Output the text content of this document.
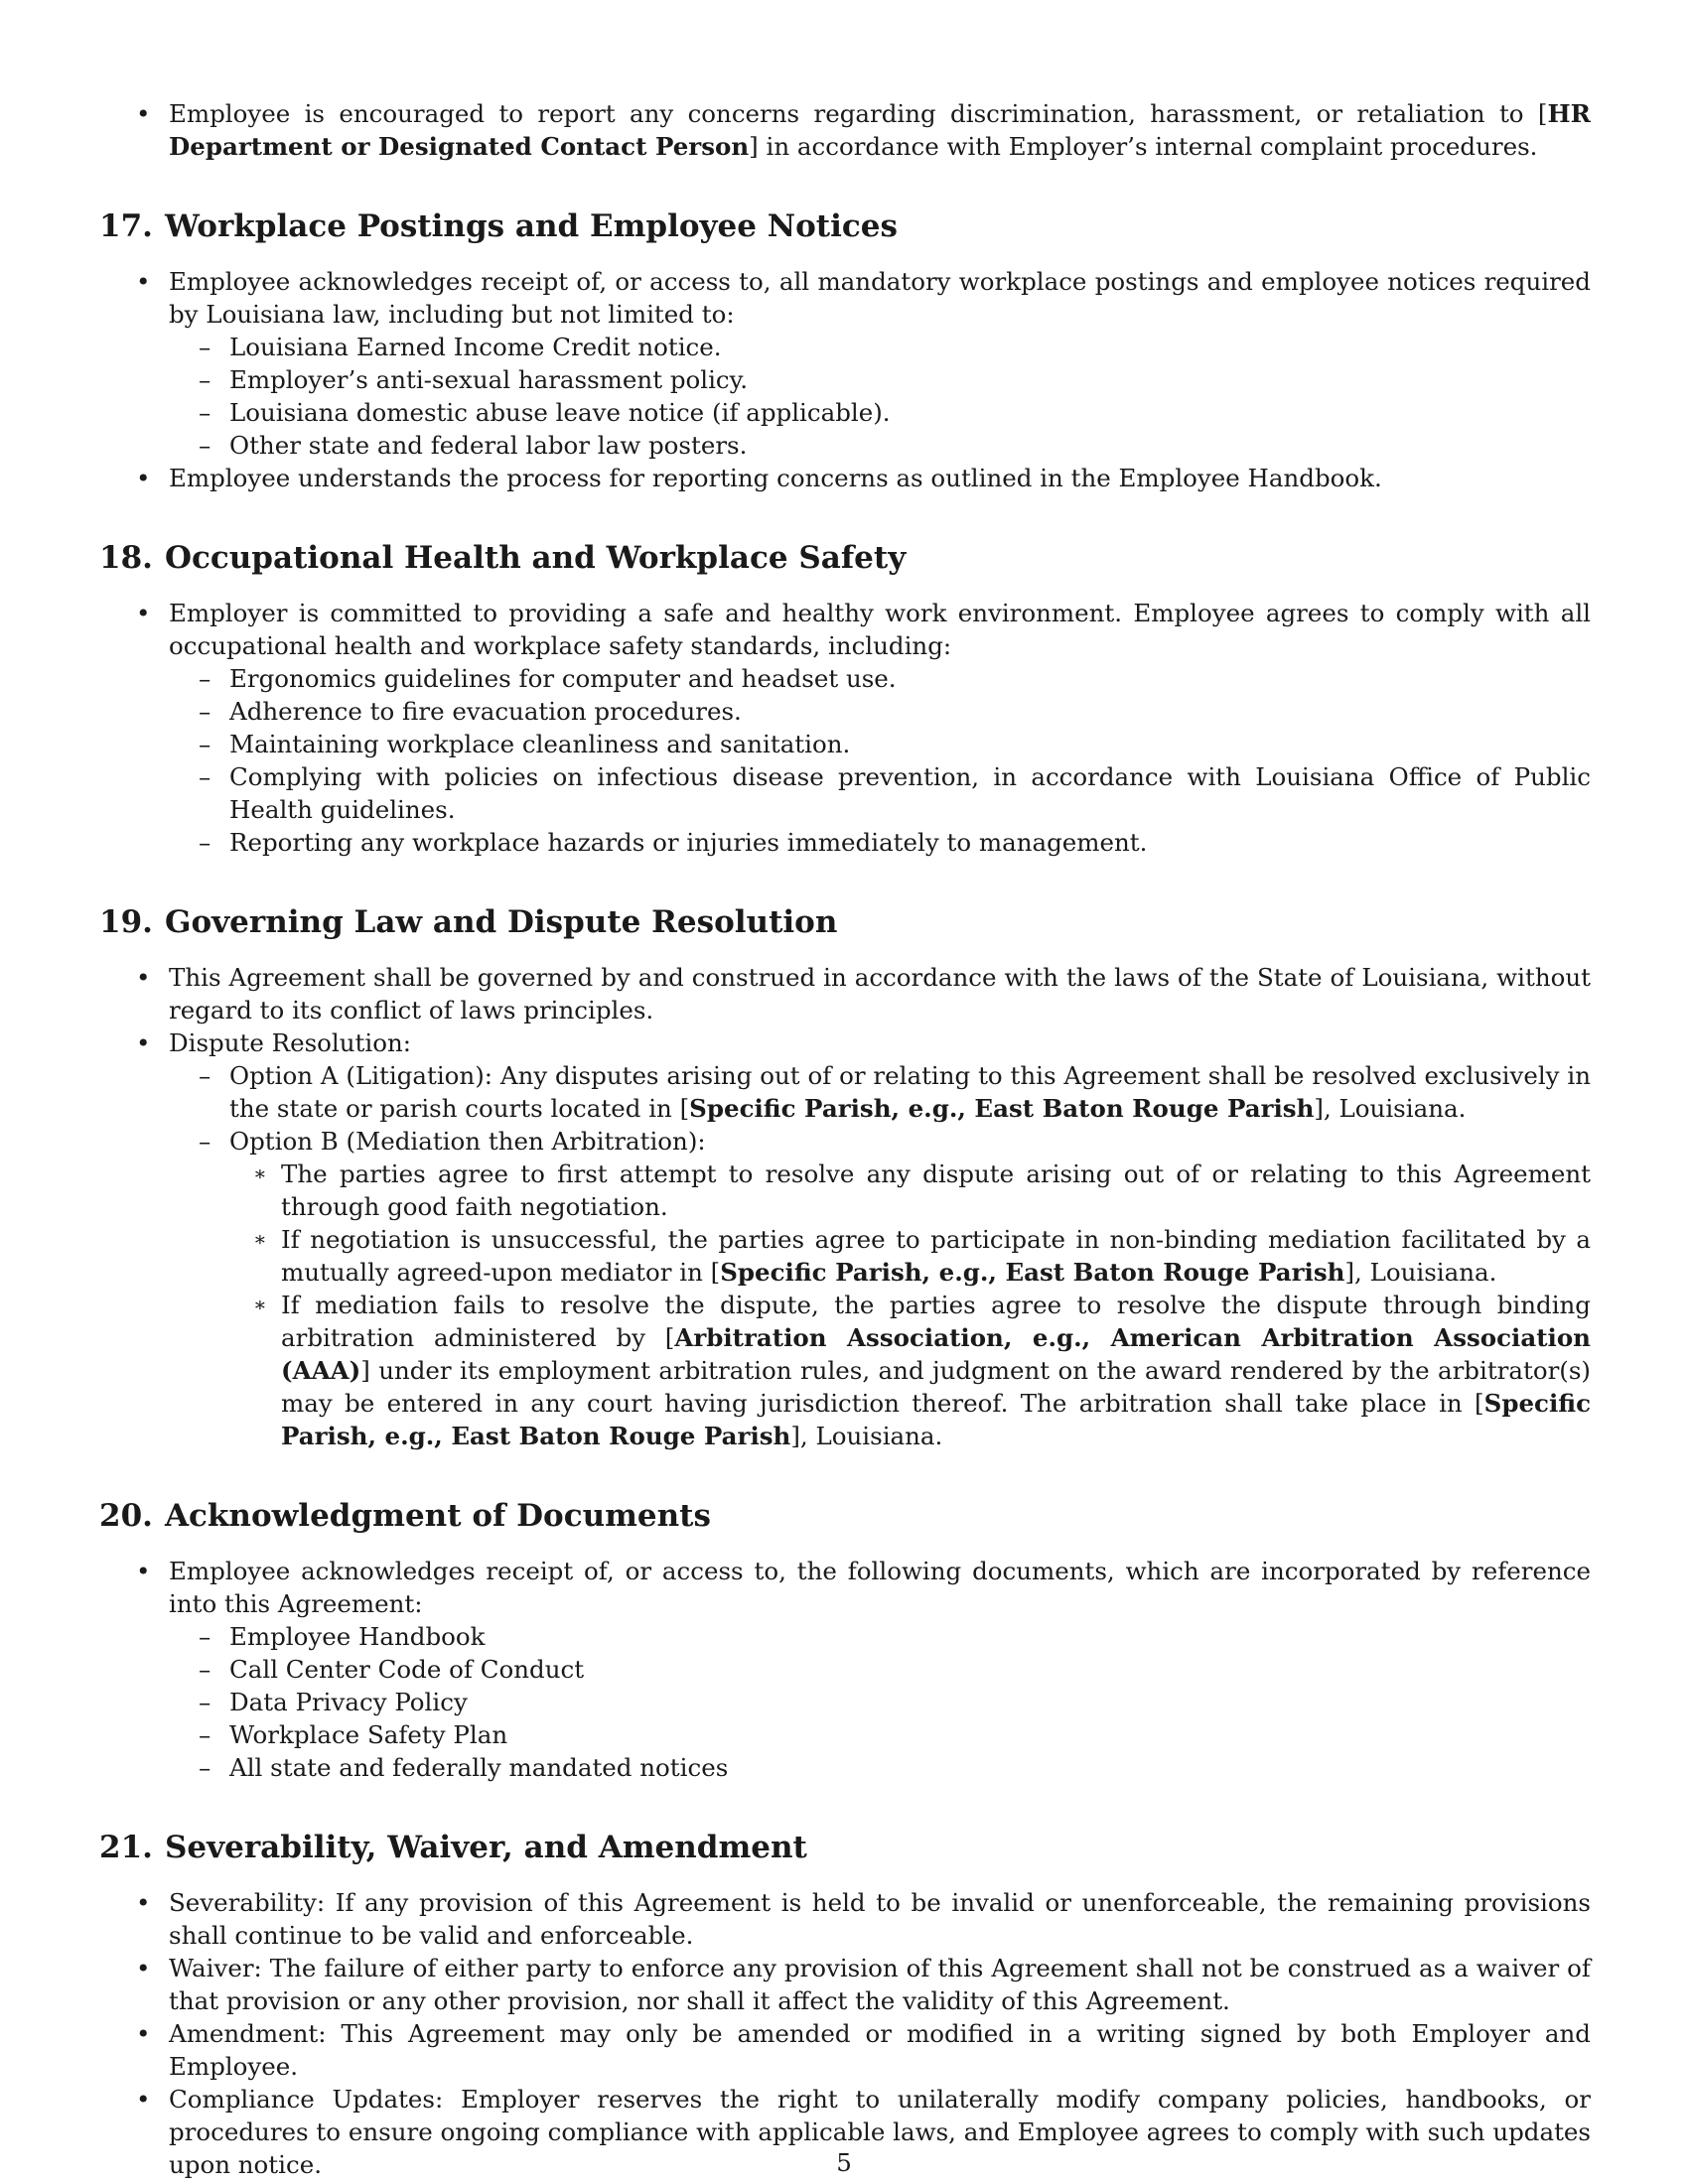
• Employee is encouraged to report any concerns regarding discrimination, harassment, or retaliation to [HR Department or Designated Contact Person] in accordance with Employer’s internal complaint procedures.
17. Workplace Postings and Employee Notices
• Employee acknowledges receipt of, or access to, all mandatory workplace postings and employee notices required by Louisiana law, including but not limited to:
– Louisiana Earned Income Credit notice.
– Employer’s anti-sexual harassment policy.
– Louisiana domestic abuse leave notice (if applicable).
– Other state and federal labor law posters.
• Employee understands the process for reporting concerns as outlined in the Employee Handbook.
18. Occupational Health and Workplace Safety
• Employer is committed to providing a safe and healthy work environment. Employee agrees to comply with all occupational health and workplace safety standards, including:
– Ergonomics guidelines for computer and headset use.
– Adherence to fire evacuation procedures.
– Maintaining workplace cleanliness and sanitation.
– Complying with policies on infectious disease prevention, in accordance with Louisiana Office of Public Health guidelines.
– Reporting any workplace hazards or injuries immediately to management.
19. Governing Law and Dispute Resolution
• This Agreement shall be governed by and construed in accordance with the laws of the State of Louisiana, without regard to its conflict of laws principles.
• Dispute Resolution:
– Option A (Litigation): Any disputes arising out of or relating to this Agreement shall be resolved exclusively in the state or parish courts located in [Specific Parish, e.g., East Baton Rouge Parish], Louisiana.
– Option B (Mediation then Arbitration):
∗ The parties agree to first attempt to resolve any dispute arising out of or relating to this Agreement through good faith negotiation.
∗ If negotiation is unsuccessful, the parties agree to participate in non-binding mediation facilitated by a mutually agreed-upon mediator in [Specific Parish, e.g., East Baton Rouge Parish], Louisiana.
∗ If mediation fails to resolve the dispute, the parties agree to resolve the dispute through binding arbitration administered by [Arbitration Association, e.g., American Arbitration Association (AAA)] under its employment arbitration rules, and judgment on the award rendered by the arbitrator(s) may be entered in any court having jurisdiction thereof. The arbitration shall take place in [Specific Parish, e.g., East Baton Rouge Parish], Louisiana.
20. Acknowledgment of Documents
• Employee acknowledges receipt of, or access to, the following documents, which are incorporated by reference into this Agreement:
– Employee Handbook
– Call Center Code of Conduct
– Data Privacy Policy
– Workplace Safety Plan
– All state and federally mandated notices
21. Severability, Waiver, and Amendment
• Severability: If any provision of this Agreement is held to be invalid or unenforceable, the remaining provisions shall continue to be valid and enforceable.
• Waiver: The failure of either party to enforce any provision of this Agreement shall not be construed as a waiver of that provision or any other provision, nor shall it affect the validity of this Agreement.
• Amendment: This Agreement may only be amended or modified in a writing signed by both Employer and Employee.
• Compliance Updates: Employer reserves the right to unilaterally modify company policies, handbooks, or procedures to ensure ongoing compliance with applicable laws, and Employee agrees to comply with such updates upon notice.	5
